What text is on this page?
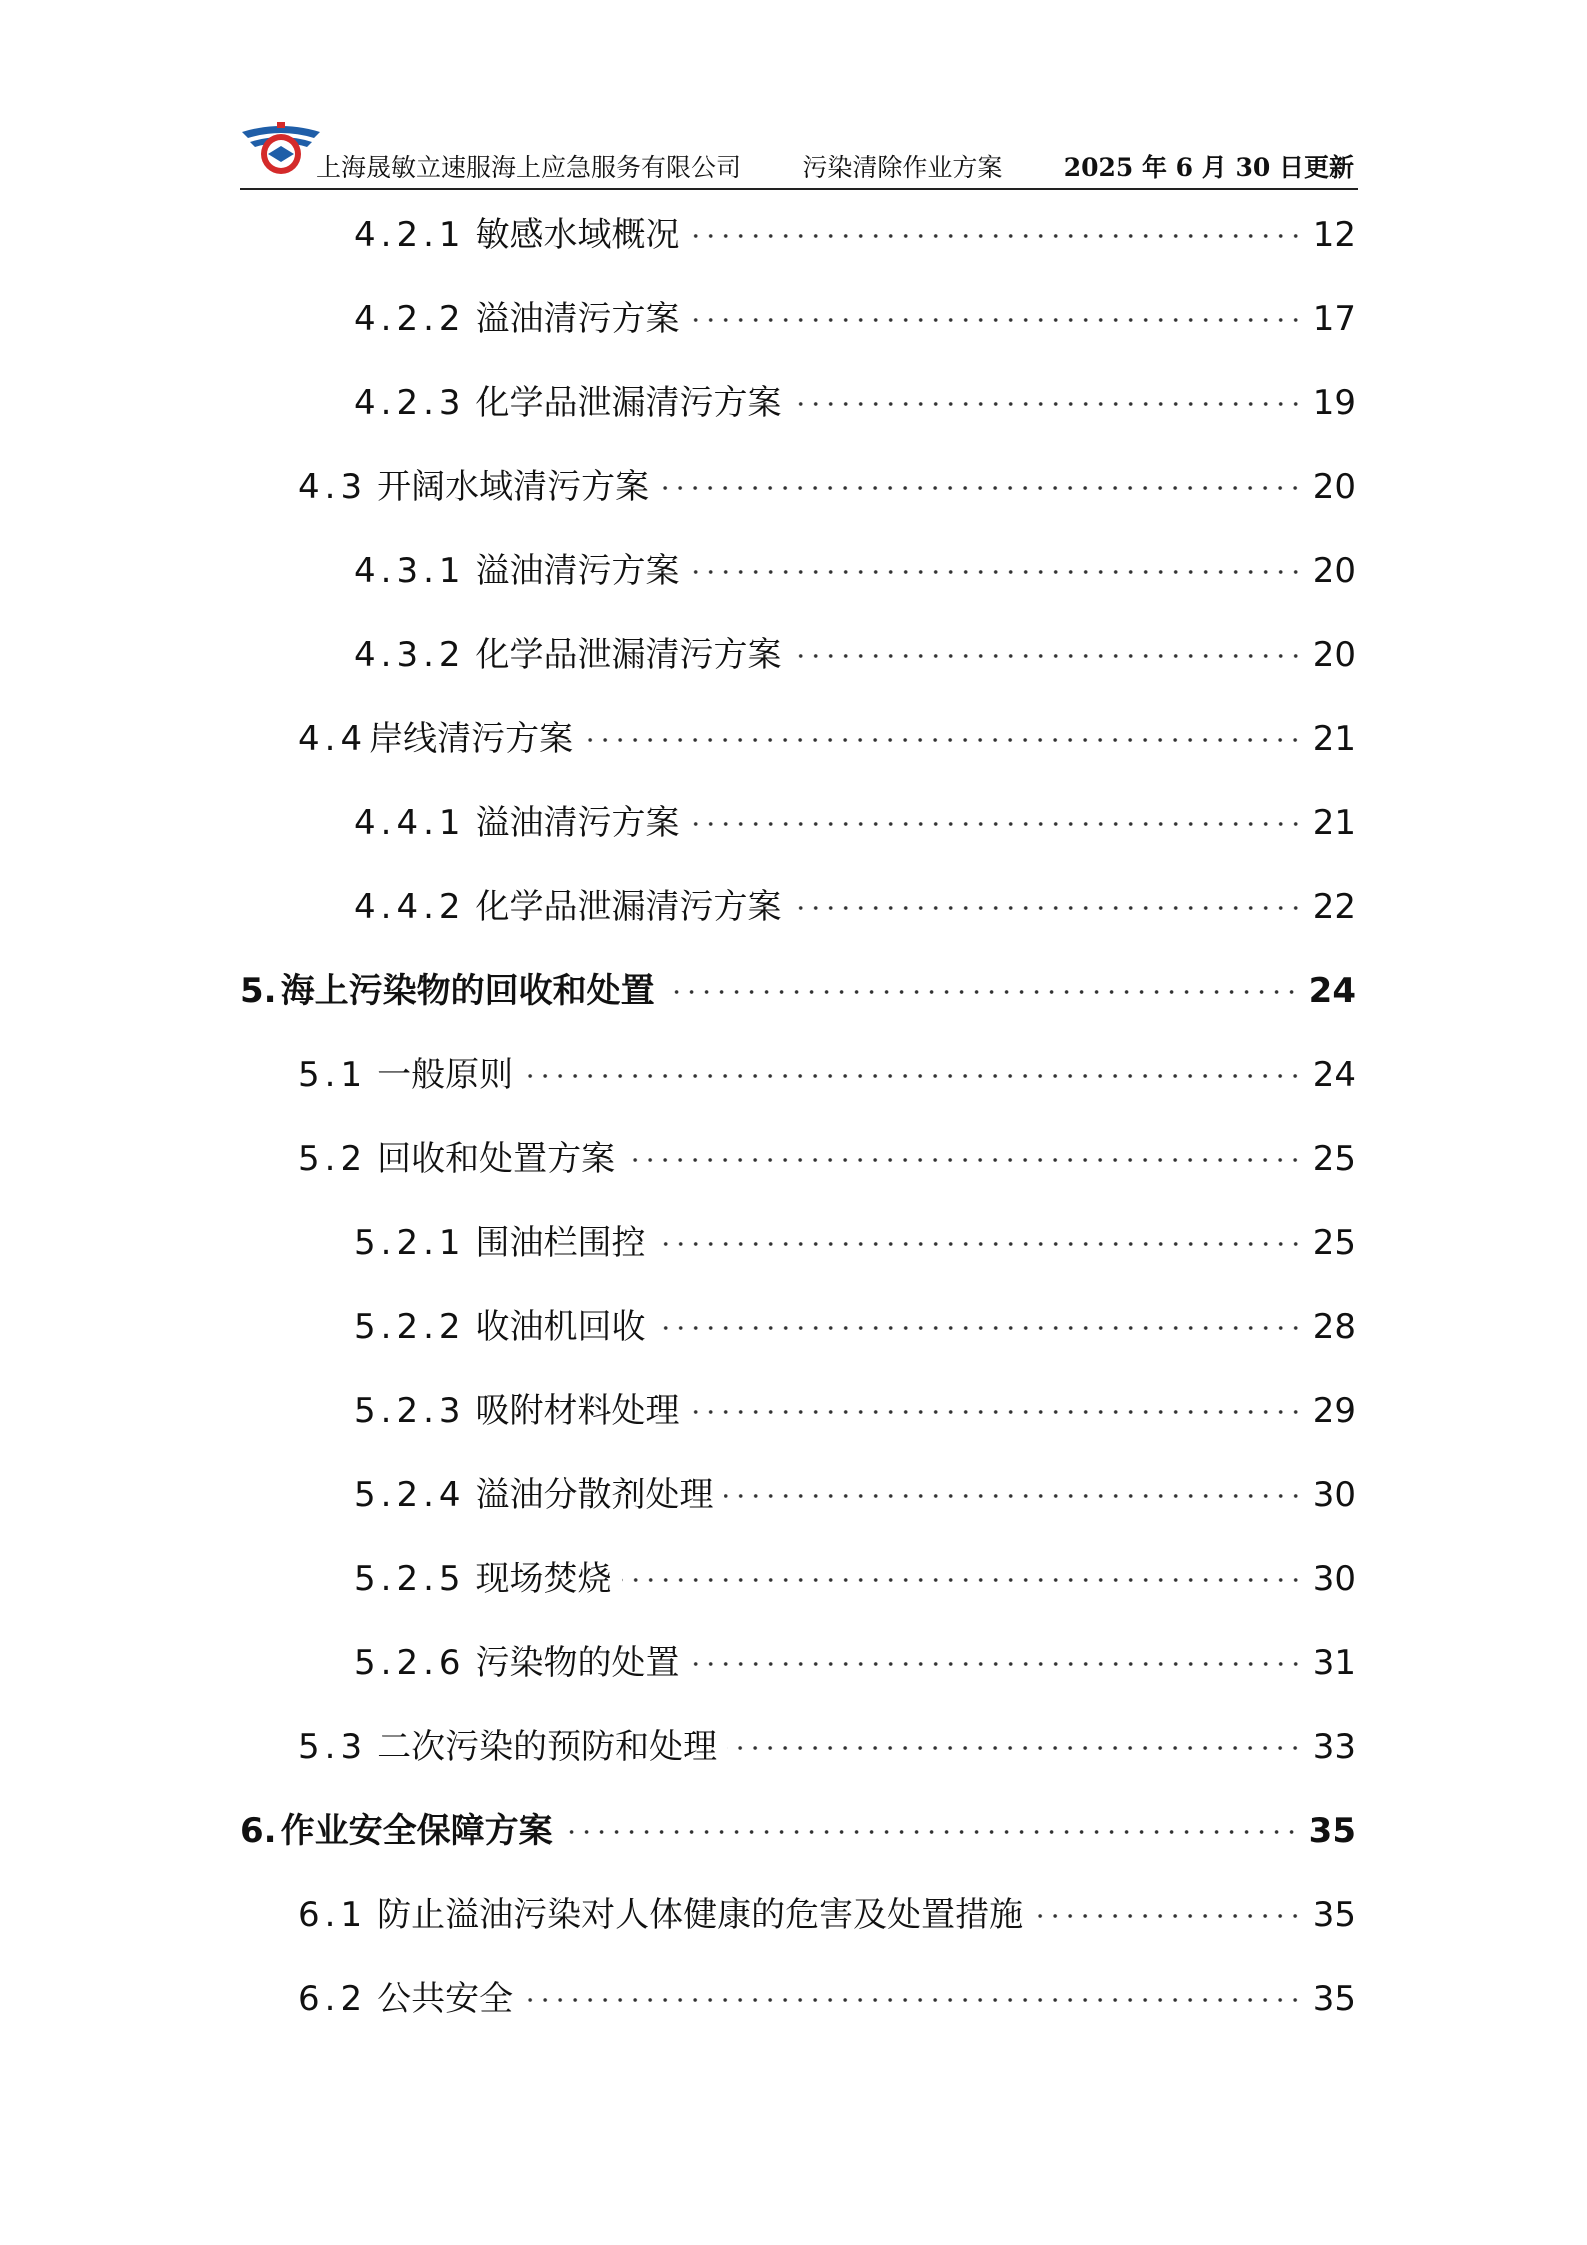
上海晟敏立速服海上应急服务有限公司 污染清除作业方案 2025 年 6 月 30 日更新
4.2.1 敏感水域概况	12
4.2.2 溢油清污方案	17
4.2.3 化学品泄漏清污方案	19
4.3 开阔水域清污方案	20
4.3.1 溢油清污方案	20
4.3.2 化学品泄漏清污方案	20
4.4 岸线清污方案	21
4.4.1 溢油清污方案	21
4.4.2 化学品泄漏清污方案	22
5. 海上污染物的回收和处置	24
5.1 一般原则	24
5.2 回收和处置方案	25
5.2.1 围油栏围控	25
5.2.2 收油机回收	28
5.2.3 吸附材料处理	29
5.2.4 溢油分散剂处理	30
5.2.5 现场焚烧	30
5.2.6 污染物的处置	31
5.3 二次污染的预防和处理	33
6. 作业安全保障方案	35
6.1 防止溢油污染对人体健康的危害及处置措施	35
6.2 公共安全	35
